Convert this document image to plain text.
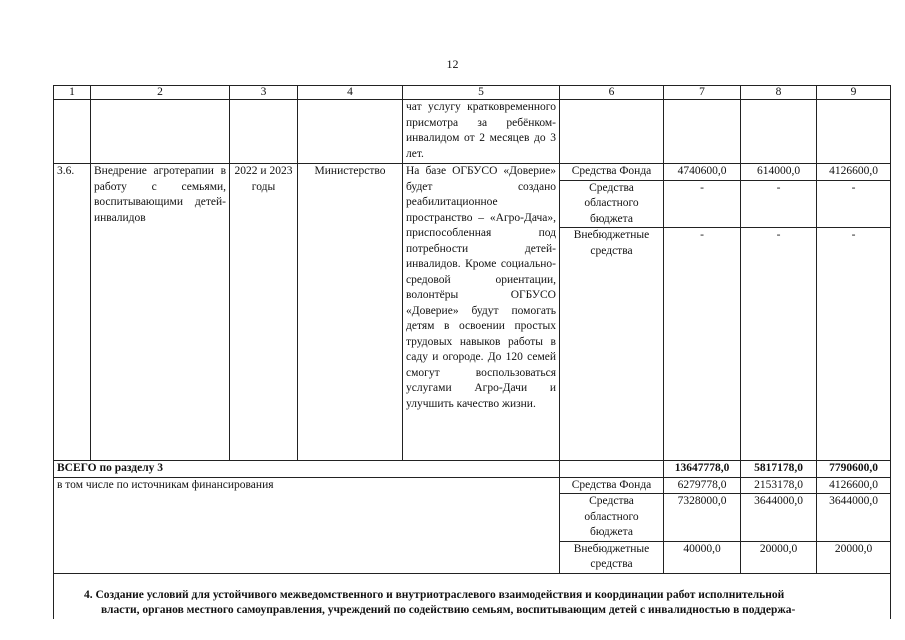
12
1	2	3	4	5	6	7	8	9
				чат услугу кратковременного присмотра за ребёнком-инвалидом от 2 месяцев до 3 лет.				
3.6.	Внедрение агротерапии в работу с семьями, воспитывающими детей-инвалидов	2022 и 2023 годы	Министерство	На базе ОГБУСО «Доверие» будет создано реабилитационное пространство – «Агро-Дача», приспособленная под потребности детей-инвалидов. Кроме социально-средовой ориентации, волонтёры ОГБУСО «Доверие» будут помогать детям в освоении простых трудовых навыков работы в саду и огороде. До 120 семей смогут воспользоваться услугами Агро-Дачи и улучшить качество жизни.	Средства Фонда	4740600,0	614000,0	4126600,0
					Средства областного бюджета	-	-	-
					Внебюджетные средства	-	-	-
ВСЕГО по разделу 3						13647778,0	5817178,0	7790600,0
в том числе по источникам финансирования					Средства Фонда	6279778,0	2153178,0	4126600,0
					Средства областного бюджета	7328000,0	3644000,0	3644000,0
					Внебюджетные средства	40000,0	20000,0	20000,0

4. Создание условий для устойчивого межведомственного и внутриотраслевого взаимодействия и координации работ исполнительной
власти, органов местного самоуправления, учреждений по содействию семьям, воспитывающим детей с инвалидностью в поддержа-								
